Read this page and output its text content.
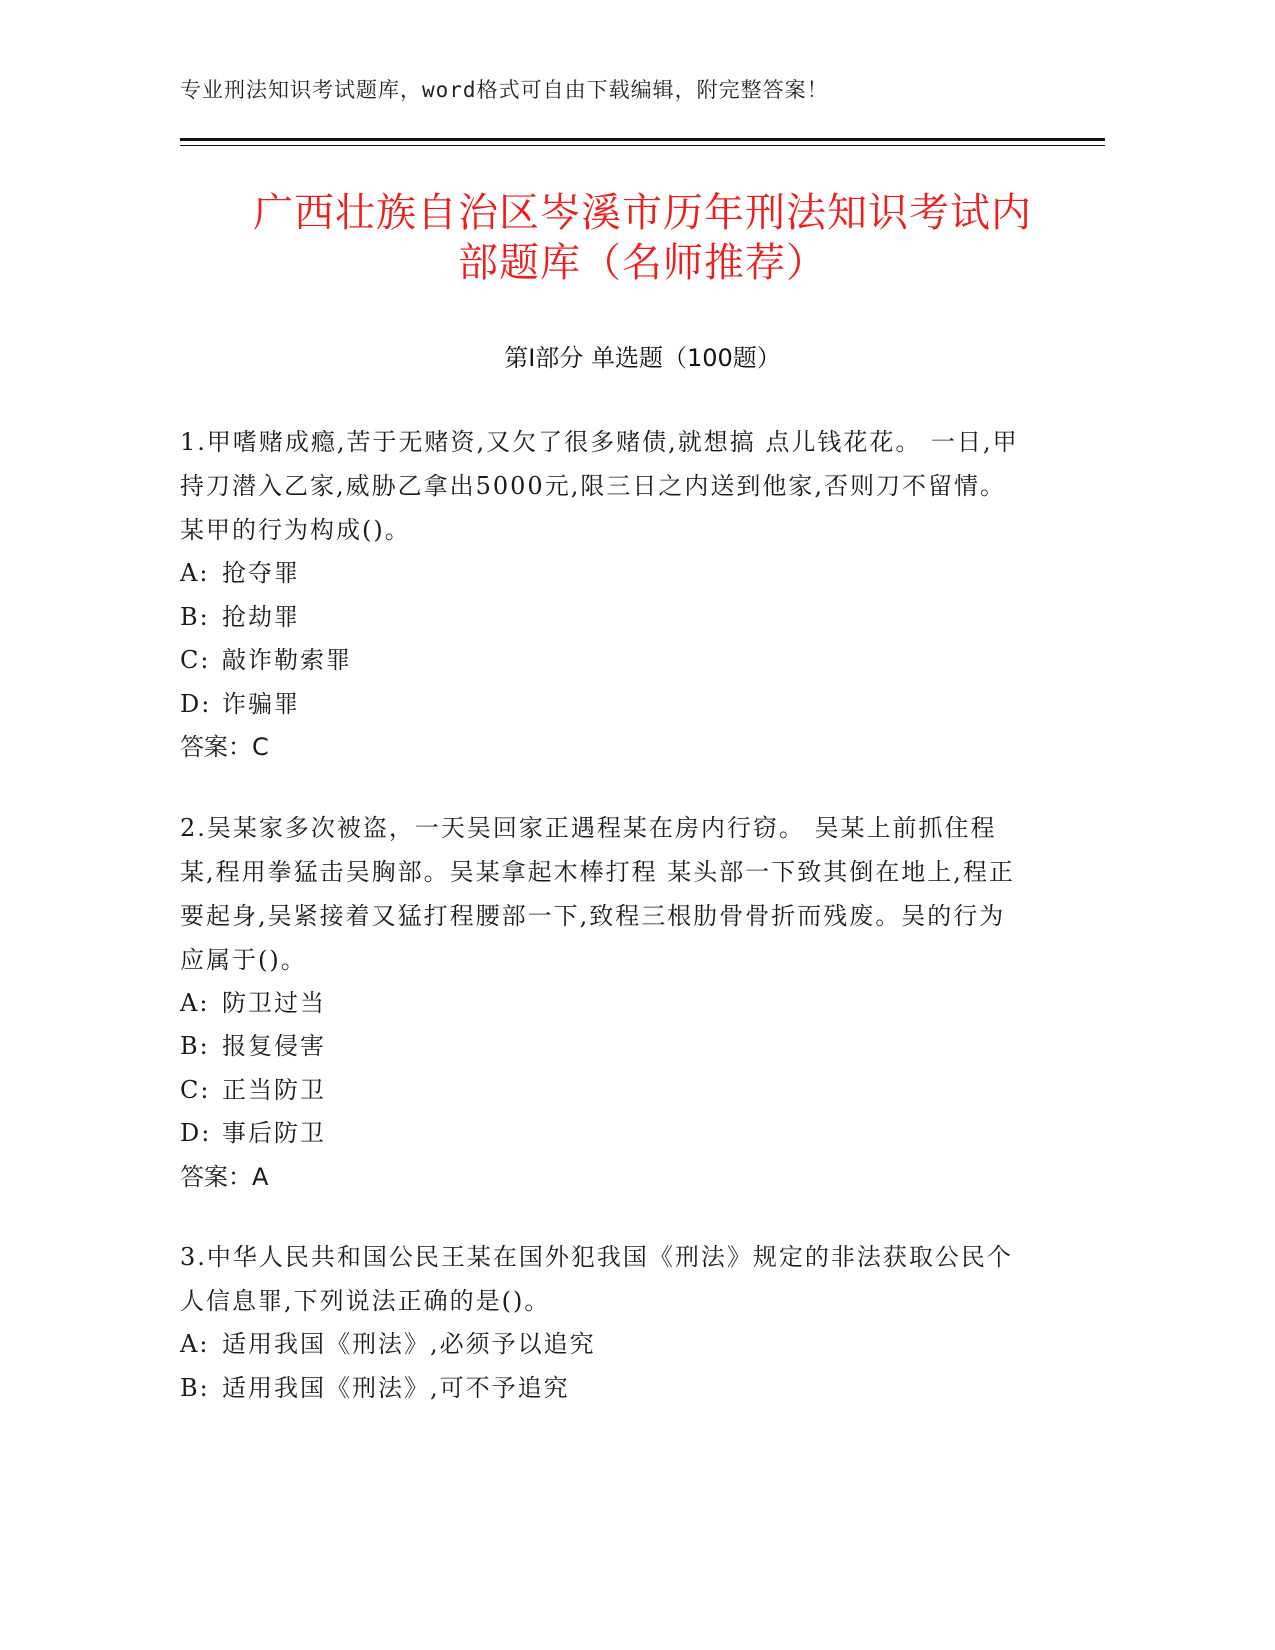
专业刑法知识考试题库，word格式可自由下载编辑，附完整答案！
广西壮族自治区岑溪市历年刑法知识考试内
部题库（名师推荐）
第Ⅰ部分 单选题（100题）

1.甲嗜赌成瘾,苦于无赌资,又欠了很多赌债,就想搞 点儿钱花花。 一日,甲持刀潜入乙家,威胁乙拿出5000元,限三日之内送到他家,否则刀不留情。某甲的行为构成()。

A: 抢夺罪

B: 抢劫罪

C: 敲诈勒索罪

D: 诈骗罪

答案：C

2.吴某家多次被盗，一天吴回家正遇程某在房内行窃。 吴某上前抓住程某,程用拳猛击吴胸部。吴某拿起木棒打程 某头部一下致其倒在地上,程正要起身,吴紧接着又猛打程腰部一下,致程三根肋骨骨折而残废。吴的行为应属于()。

A: 防卫过当

B: 报复侵害

C: 正当防卫

D: 事后防卫

答案：A

3.中华人民共和国公民王某在国外犯我国《刑法》规定的非法获取公民个人信息罪,下列说法正确的是()。

A: 适用我国《刑法》,必须予以追究

B: 适用我国《刑法》,可不予追究
